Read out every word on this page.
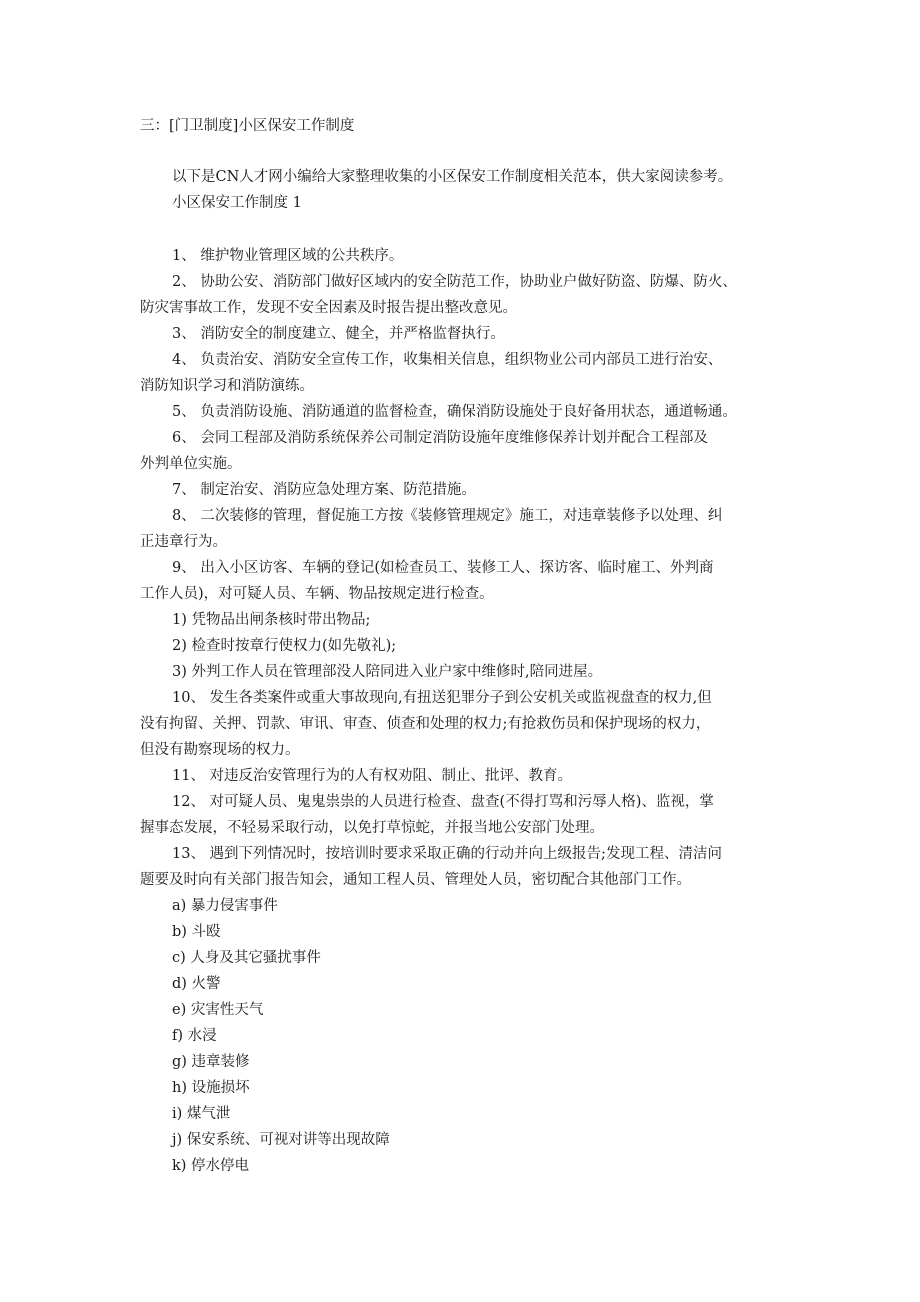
三：[门卫制度]小区保安工作制度
以下是CN人才网小编给大家整理收集的小区保安工作制度相关范本，供大家阅读参考。
小区保安工作制度 1
1、 维护物业管理区域的公共秩序。
2、 协助公安、消防部门做好区域内的安全防范工作，协助业户做好防盗、防爆、防火、
防灾害事故工作，发现不安全因素及时报告提出整改意见。
3、 消防安全的制度建立、健全，并严格监督执行。
4、 负责治安、消防安全宣传工作，收集相关信息，组织物业公司内部员工进行治安、
消防知识学习和消防演练。
5、 负责消防设施、消防通道的监督检查，确保消防设施处于良好备用状态，通道畅通。
6、 会同工程部及消防系统保养公司制定消防设施年度维修保养计划并配合工程部及
外判单位实施。
7、 制定治安、消防应急处理方案、防范措施。
8、 二次装修的管理，督促施工方按《装修管理规定》施工，对违章装修予以处理、纠
正违章行为。
9、 出入小区访客、车辆的登记(如检查员工、装修工人、探访客、临时雇工、外判商
工作人员)，对可疑人员、车辆、物品按规定进行检查。
1) 凭物品出闸条核时带出物品;
2) 检查时按章行使权力(如先敬礼);
3) 外判工作人员在管理部没人陪同进入业户家中维修时,陪同进屋。
10、 发生各类案件或重大事故现向,有扭送犯罪分子到公安机关或监视盘查的权力,但
没有拘留、关押、罚款、审讯、审查、侦查和处理的权力;有抢救伤员和保护现场的权力，
但没有勘察现场的权力。
11、 对违反治安管理行为的人有权劝阻、制止、批评、教育。
12、 对可疑人员、鬼鬼祟祟的人员进行检查、盘查(不得打骂和污辱人格)、监视，掌
握事态发展，不轻易采取行动，以免打草惊蛇，并报当地公安部门处理。
13、 遇到下列情况时，按培训时要求采取正确的行动并向上级报告;发现工程、清洁问
题要及时向有关部门报告知会，通知工程人员、管理处人员，密切配合其他部门工作。
a) 暴力侵害事件
b) 斗殴
c) 人身及其它骚扰事件
d) 火警
e) 灾害性天气
f) 水浸
g) 违章装修
h) 设施损坏
i) 煤气泄
j) 保安系统、可视对讲等出现故障
k) 停水停电
